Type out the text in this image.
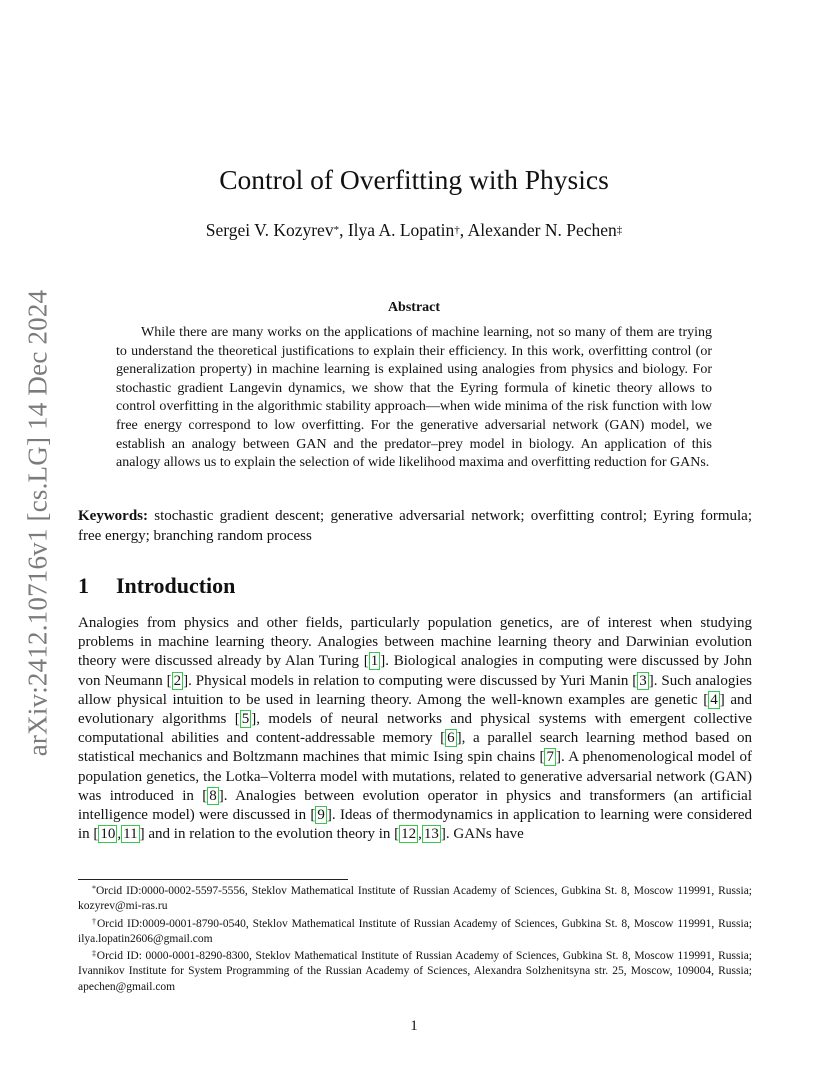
arXiv:2412.10716v1 [cs.LG] 14 Dec 2024
Control of Overfitting with Physics
Sergei V. Kozyrev*, Ilya A. Lopatin†, Alexander N. Pechen‡
Abstract

While there are many works on the applications of machine learning, not so many of them are trying to understand the theoretical justifications to explain their efficiency. In this work, overfitting control (or generalization property) in machine learning is explained using analogies from physics and biology. For stochastic gradient Langevin dynamics, we show that the Eyring formula of kinetic theory allows to control overfitting in the algorithmic stability approach—when wide minima of the risk function with low free energy correspond to low overfitting. For the generative adversarial network (GAN) model, we establish an analogy between GAN and the predator–prey model in biology. An application of this analogy allows us to explain the selection of wide likelihood maxima and overfitting reduction for GANs.

Keywords: stochastic gradient descent; generative adversarial network; overfitting control; Eyring formula; free energy; branching random process

1 Introduction

Analogies from physics and other fields, particularly population genetics, are of interest when studying problems in machine learning theory. Analogies between machine learning theory and Darwinian evolution theory were discussed already by Alan Turing [ 1 ]. Biological analogies in computing were discussed by John von Neumann [ 2 ]. Physical models in relation to computing were discussed by Yuri Manin [ 3 ]. Such analogies allow physical intuition to be used in learning theory. Among the well-known examples are genetic [ 4 ] and evolutionary algorithms [ 5 ], models of neural networks and physical systems with emergent collective computational abilities and content-addressable memory [ 6 ], a parallel search learning method based on statistical mechanics and Boltzmann machines that mimic Ising spin chains [ 7 ]. A phenomenological model of population genetics, the Lotka–Volterra model with mutations, related to generative adversarial network (GAN) was introduced in [ 8 ]. Analogies between evolution operator in physics and transformers (an artificial intelligence model) were discussed in [ 9 ]. Ideas of thermodynamics in application to learning were considered in [ 10 , 11 ] and in relation to the evolution theory in [ 12 , 13 ]. GANs have

*Orcid ID:0000-0002-5597-5556, Steklov Mathematical Institute of Russian Academy of Sciences, Gubkina St. 8, Moscow 119991, Russia; kozyrev@mi-ras.ru

†Orcid ID:0009-0001-8790-0540, Steklov Mathematical Institute of Russian Academy of Sciences, Gubkina St. 8, Moscow 119991, Russia; ilya.lopatin2606@gmail.com

‡Orcid ID: 0000-0001-8290-8300, Steklov Mathematical Institute of Russian Academy of Sciences, Gubkina St. 8, Moscow 119991, Russia; Ivannikov Institute for System Programming of the Russian Academy of Sciences, Alexandra Solzhenitsyna str. 25, Moscow, 109004, Russia; apechen@gmail.com

1
